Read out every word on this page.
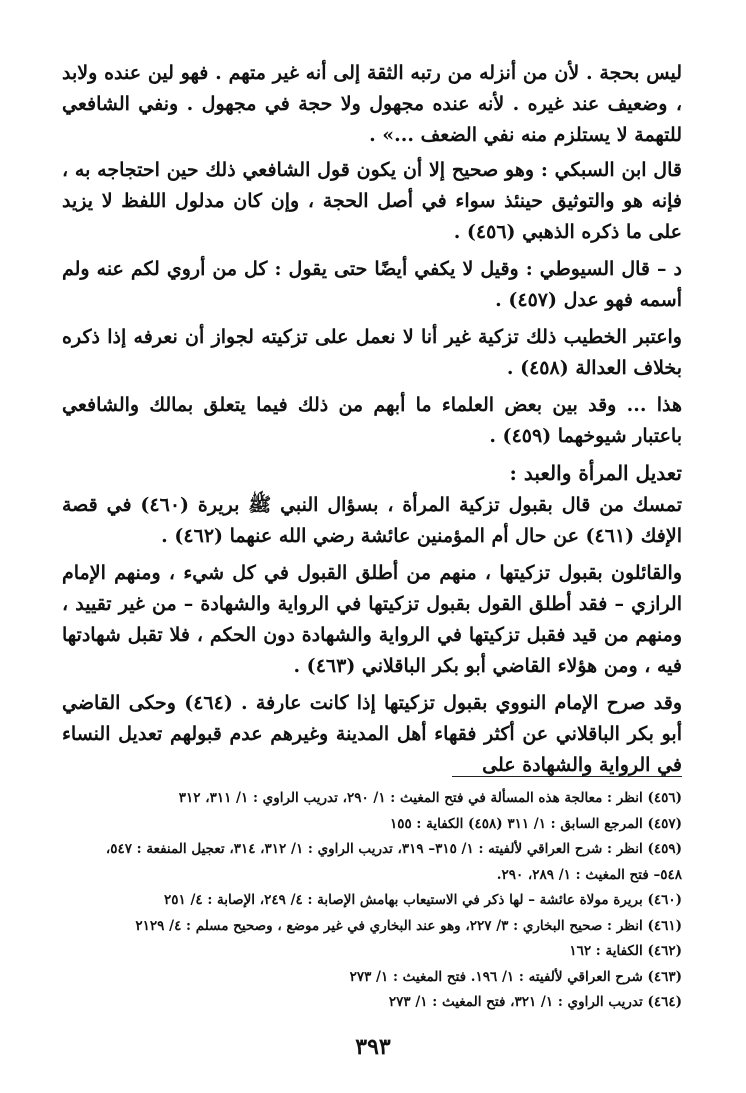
ليس بحجة . لأن من أنزله من رتبه الثقة إلى أنه غير متهم . فهو لين عنده ولابد ، وضعيف عند غيره . لأنه عنده مجهول ولا حجة في مجهول . ونفي الشافعي للتهمة لا يستلزم منه نفي الضعف ...» .

قال ابن السبكي : وهو صحيح إلا أن يكون قول الشافعي ذلك حين احتجاجه به ، فإنه هو والتوثيق حينئذ سواء في أصل الحجة ، وإن كان مدلول اللفظ لا يزيد على ما ذكره الذهبي (٤٥٦) .

د – قال السيوطي : وقيل لا يكفي أيضًا حتى يقول : كل من أروي لكم عنه ولم أسمه فهو عدل (٤٥٧) .

واعتبر الخطيب ذلك تزكية غير أنا لا نعمل على تزكيته لجواز أن نعرفه إذا ذكره بخلاف العدالة (٤٥٨) .

هذا ... وقد بين بعض العلماء ما أبهم من ذلك فيما يتعلق بمالك والشافعي باعتبار شيوخهما (٤٥٩) .

تعديل المرأة والعبد :

تمسك من قال بقبول تزكية المرأة ، بسؤال النبي ﷺ بريرة (٤٦٠) في قصة الإفك (٤٦١) عن حال أم المؤمنين عائشة رضي الله عنهما (٤٦٢) .

والقائلون بقبول تزكيتها ، منهم من أطلق القبول في كل شيء ، ومنهم الإمام الرازي – فقد أطلق القول بقبول تزكيتها في الرواية والشهادة – من غير تقييد ، ومنهم من قيد فقبل تزكيتها في الرواية والشهادة دون الحكم ، فلا تقبل شهادتها فيه ، ومن هؤلاء القاضي أبو بكر الباقلاني (٤٦٣) .

وقد صرح الإمام النووي بقبول تزكيتها إذا كانت عارفة . (٤٦٤) وحكى القاضي أبو بكر الباقلاني عن أكثر فقهاء أهل المدينة وغيرهم عدم قبولهم تعديل النساء في الرواية والشهادة على

(٤٥٦) انظر : معالجة هذه المسألة في فتح المغيث : ١/ ٢٩٠، تدريب الراوي : ١/ ٣١١، ٣١٢

(٤٥٧) المرجع السابق : ١/ ٣١١ (٤٥٨) الكفاية : ١٥٥

(٤٥٩) انظر : شرح العراقي لألفيته : ١/ ٣١٥– ٣١٩، تدريب الراوي : ١/ ٣١٢، ٣١٤، تعجيل المنفعة : ٥٤٧،

٥٤٨– فتح المغيث : ١/ ٢٨٩، ٢٩٠.

(٤٦٠) بريرة مولاة عائشة – لها ذكر في الاستيعاب بهامش الإصابة : ٤/ ٢٤٩، الإصابة : ٤/ ٢٥١

(٤٦١) انظر : صحيح البخاري : ٣/ ٢٢٧، وهو عند البخاري في غير موضع ، وصحيح مسلم : ٤/ ٢١٢٩

(٤٦٢) الكفاية : ١٦٢

(٤٦٣) شرح العراقي لألفيته : ١/ ١٩٦. فتح المغيث : ١/ ٢٧٣

(٤٦٤) تدريب الراوي : ١/ ٣٢١، فتح المغيث : ١/ ٢٧٣

٣٩٣
